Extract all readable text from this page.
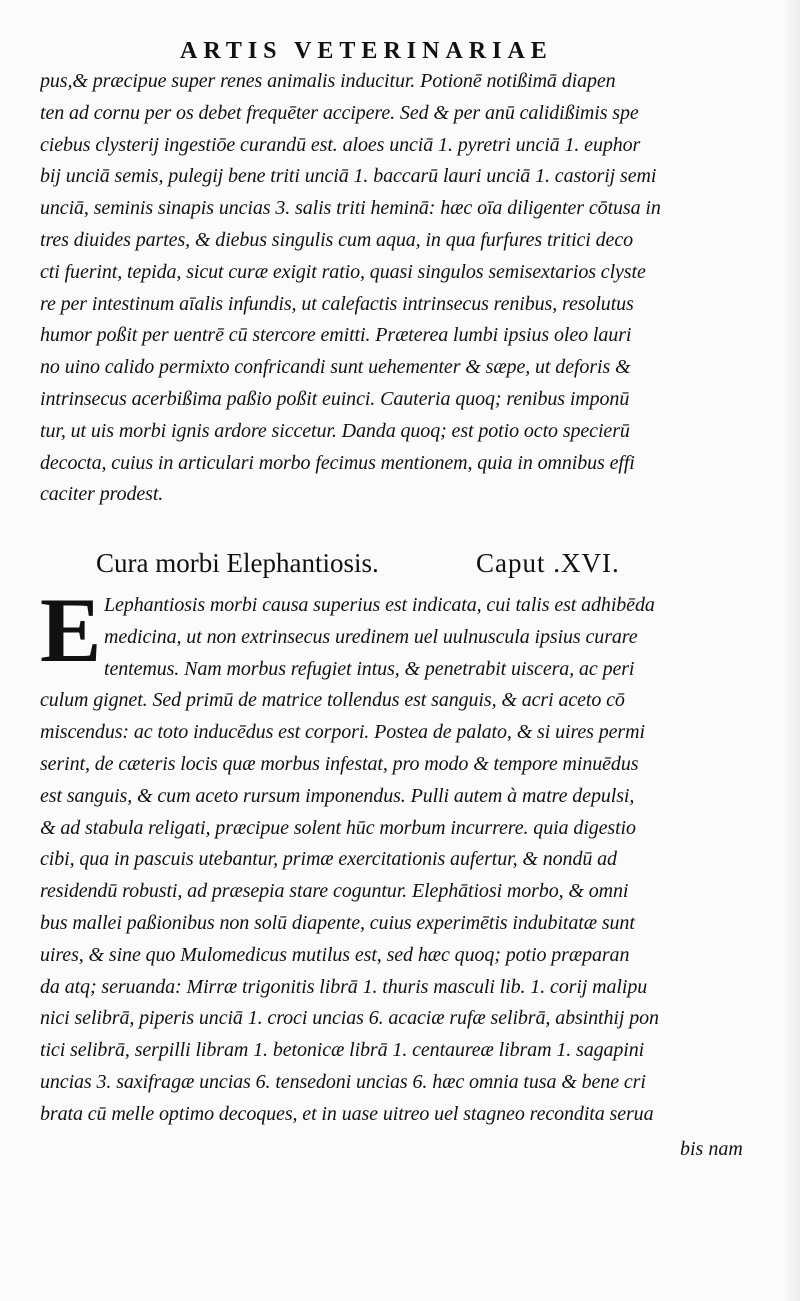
ARTIS VETERINARIAE
pus,& præcipue super renes animalis inducitur. Potionē notißimā diapen
ten ad cornu per os debet frequēter accipere. Sed & per anū calidißimis spe
ciebus clysterij ingestiōe curandū est. aloes unciā 1. pyretri unciā 1. euphor
bij unciā semis, pulegij bene triti unciā 1. baccarū lauri unciā 1. castorij semi
unciā, seminis sinapis uncias 3. salis triti heminā: hæc oīa diligenter cōtusa in
tres diuides partes, & diebus singulis cum aqua, in qua furfures tritici deco
cti fuerint, tepida, sicut curæ exigit ratio, quasi singulos semisextarios clyste
re per intestinum aīalis infundis, ut calefactis intrinsecus renibus, resolutus
humor poßit per uentrē cū stercore emitti. Præterea lumbi ipsius oleo lauri
no uino calido permixto confricandi sunt uehementer & sæpe, ut deforis &
intrinsecus acerbißima paßio poßit euinci. Cauteria quoq; renibus imponū
tur, ut uis morbi ignis ardore siccetur. Danda quoq; est potio octo specierū
decocta, cuius in articulari morbo fecimus mentionem, quia in omnibus effi
caciter prodest.
Cura morbi Elephantiosis.	Caput .XVI.
E Lephantiosis morbi causa superius est indicata, cui talis est adhibēda
medicina, ut non extrinsecus uredinem uel uulnuscula ipsius curare
tentemus. Nam morbus refugiet intus, & penetrabit uiscera, ac peri
culum gignet. Sed primū de matrice tollendus est sanguis, & acri aceto cō
miscendus: ac toto inducēdus est corpori. Postea de palato, & si uires permi
serint, de cæteris locis quæ morbus infestat, pro modo & tempore minuēdus
est sanguis, & cum aceto rursum imponendus. Pulli autem à matre depulsi,
& ad stabula religati, præcipue solent hūc morbum incurrere. quia digestio
cibi, qua in pascuis utebantur, primæ exercitationis aufertur, & nondū ad
residendū robusti, ad præsepia stare coguntur. Elephātiosi morbo, & omni
bus mallei paßionibus non solū diapente, cuius experimētis indubitatæ sunt
uires, & sine quo Mulomedicus mutilus est, sed hæc quoq; potio præparan
da atq; seruanda: Mirræ trigonitis librā 1. thuris masculi lib. 1. corij malipu
nici selibrā, piperis unciā 1. croci uncias 6. acaciæ rufæ selibrā, absinthij pon
tici selibrā, serpilli libram 1. betonicæ librā 1. centaureæ libram 1. sagapini
uncias 3. saxifragæ uncias 6. tensedoni uncias 6. hæc omnia tusa & bene cri
brata cū melle optimo decoques, et in uase uitreo uel stagneo recondita serua
bis nam
